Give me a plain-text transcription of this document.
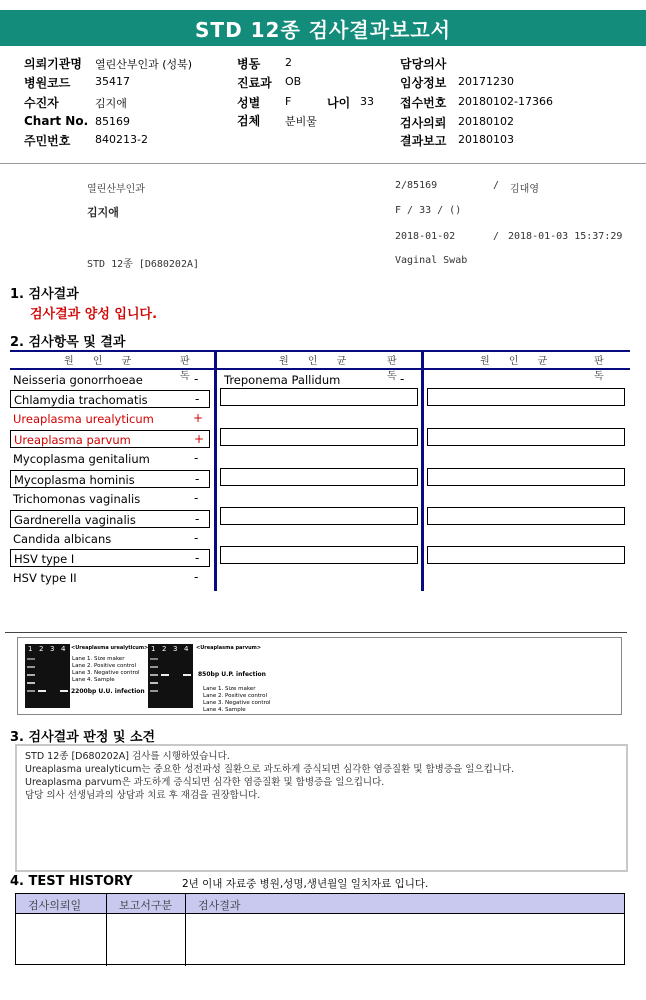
STD 12종 검사결과보고서
의뢰기관명 열린산부인과 (성북)
병원코드 35417
수진자	김지애
Chart No. 85169
주민번호 840213-2
병동 2
진료과 OB
성별 F	나이 33
검체 분비물
담당의사
임상정보 20171230
접수번호 20180102-17366
검사의뢰 20180102
결과보고 20180103
열린산부인과	2/85169	/ 김대영
김지애	F / 33 / ()
2018-01-02	/ 2018-01-03 15:37:29
STD 12종 [D680202A]	Vaginal Swab
1. 검사결과
검사결과 양성 입니다.
2. 검사항목 및 결과
원 인 균	판 독
원 인 균	판 독
원 인 균	판 독
Neisseria gonorrhoeae	-
Chlamydia trachomatis	-
Ureaplasma urealyticum	+
Ureaplasma parvum	+
Mycoplasma genitalium	-
Mycoplasma hominis	-
Trichomonas vaginalis	-
Gardnerella vaginalis	-
Candida albicans	-
HSV type I	-
HSV type II	-
Treponema Pallidum	-
1 2 3 4 <Ureaplasma urealyticum>
Lane 1. Size maker
Lane 2. Positive control
Lane 3. Negative control
Lane 4. Sample
2200bp U.U. infection
1 2 3 4 <Ureaplasma parvum>
850bp U.P. infection
Lane 1. Size maker
Lane 2. Positive control
Lane 3. Negative control
Lane 4. Sample
3. 검사결과 판정 및 소견
STD 12종 [D680202A] 검사를 시행하였습니다.
Ureaplasma urealyticum는 중요한 성전파성 질환으로 과도하게 증식되면 심각한 염증질환 및 합병증을 일으킵니다.
Ureaplasma parvum은 과도하게 증식되면 심각한 염증질환 및 합병증을 일으킵니다.
담당 의사 선생님과의 상담과 치료 후 재검을 권장합니다.
4. TEST HISTORY	2년 이내 자료중 병원,성명,생년월일 일치자료 입니다.
검사의뢰일	보고서구분	검사결과
